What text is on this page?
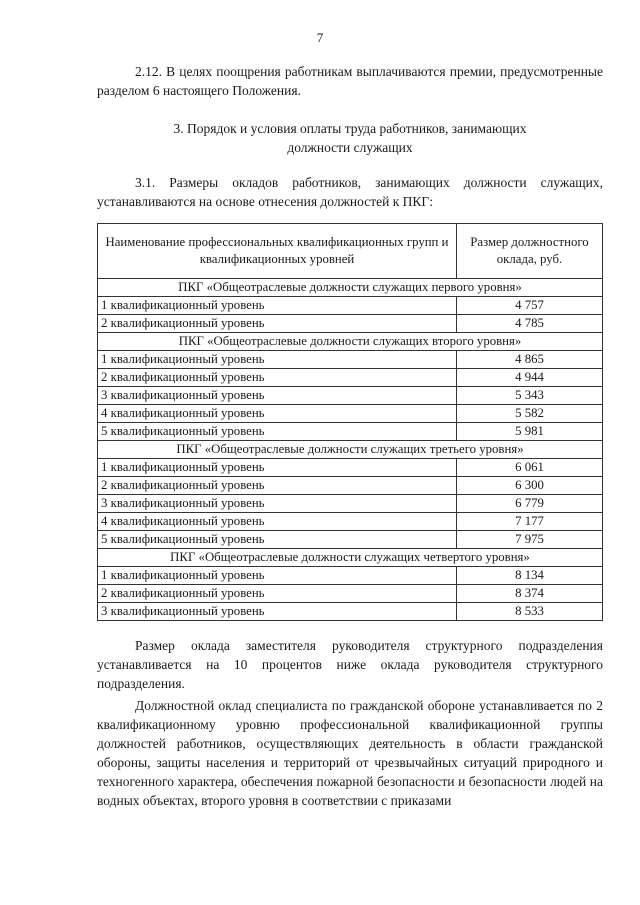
7

2.12. В целях поощрения работникам выплачиваются премии, предусмотренные разделом 6 настоящего Положения.

3. Порядок и условия оплаты труда работников, занимающих
должности служащих

3.1. Размеры окладов работников, занимающих должности служащих, устанавливаются на основе отнесения должностей к ПКГ:

Наименование профессиональных квалификационных групп и квалификационных уровней	Размер должностного оклада, руб.
ПКГ «Общеотраслевые должности служащих первого уровня»	
1 квалификационный уровень	4 757
2 квалификационный уровень	4 785
ПКГ «Общеотраслевые должности служащих второго уровня»	
1 квалификационный уровень	4 865
2 квалификационный уровень	4 944
3 квалификационный уровень	5 343
4 квалификационный уровень	5 582
5 квалификационный уровень	5 981
ПКГ «Общеотраслевые должности служащих третьего уровня»	
1 квалификационный уровень	6 061
2 квалификационный уровень	6 300
3 квалификационный уровень	6 779
4 квалификационный уровень	7 177
5 квалификационный уровень	7 975
ПКГ «Общеотраслевые должности служащих четвертого уровня»	
1 квалификационный уровень	8 134
2 квалификационный уровень	8 374
3 квалификационный уровень	8 533

Размер оклада заместителя руководителя структурного подразделения устанавливается на 10 процентов ниже оклада руководителя структурного подразделения.

Должностной оклад специалиста по гражданской обороне устанавливается по 2 квалификационному уровню профессиональной квалификационной группы должностей работников, осуществляющих деятельность в области гражданской обороны, защиты населения и территорий от чрезвычайных ситуаций природного и техногенного характера, обеспечения пожарной безопасности и безопасности людей на водных объектах, второго уровня в соответствии с приказами
